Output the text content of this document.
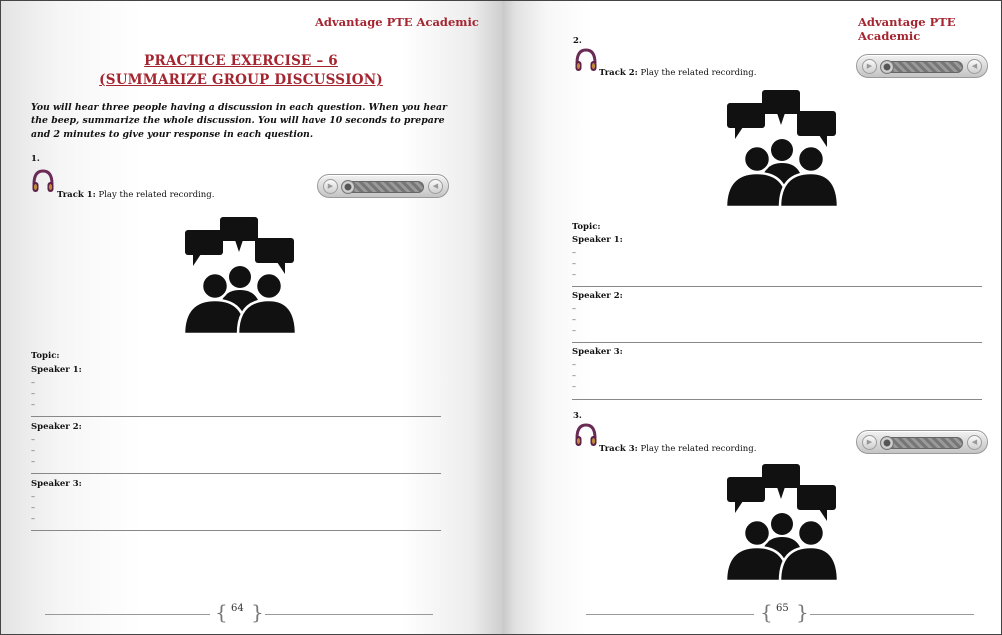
Advantage PTE Academic
PRACTICE EXERCISE – 6
(SUMMARIZE GROUP DISCUSSION)
You will hear three people having a discussion in each question. When you hear the beep, summarize the whole discussion. You will have 10 seconds to prepare and 2 minutes to give your response in each question.
1.
Track 1: Play the related recording.
▶	◀
Topic:
Speaker 1:
–
–
–
Speaker 2:
–
–
–
Speaker 3:
–
–
–
{ 64 }
Advantage PTE Academic
2.
Track 2: Play the related recording.
▶	◀
Topic:
Speaker 1:
–
–
–
Speaker 2:
–
–
–
Speaker 3:
–
–
–
3.
Track 3: Play the related recording.
▶	◀
{ 65 }
